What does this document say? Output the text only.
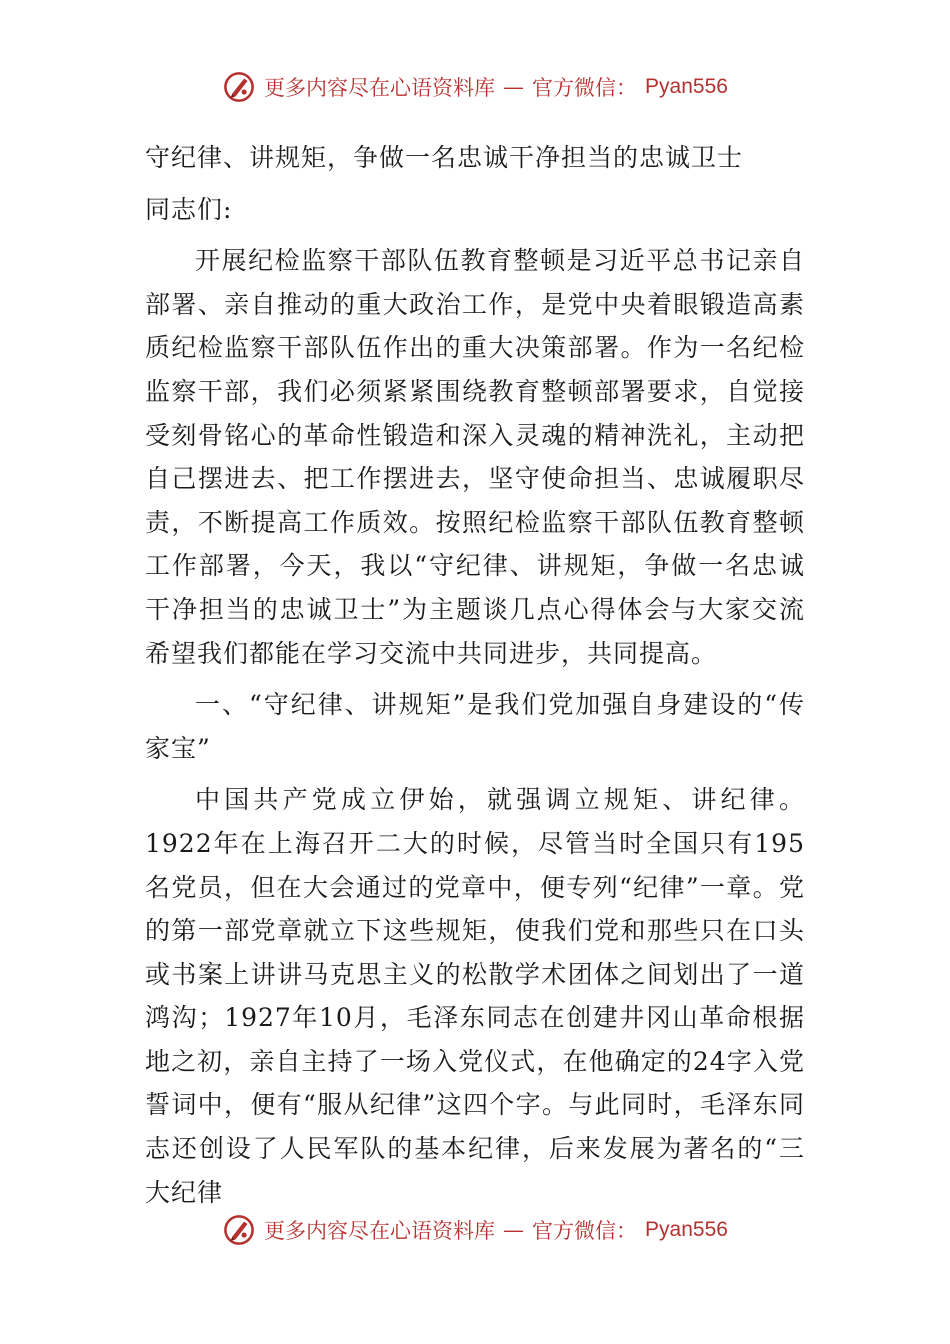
更多内容尽在心语资料库 — 官方微信： Pyan556

守纪律、讲规矩，争做一名忠诚干净担当的忠诚卫士

同志们:

开展纪检监察干部队伍教育整顿是习近平总书记亲自部署、亲自推动的重大政治工作，是党中央着眼锻造高素质纪检监察干部队伍作出的重大决策部署。作为一名纪检监察干部，我们必须紧紧围绕教育整顿部署要求，自觉接受刻骨铭心的革命性锻造和深入灵魂的精神洗礼，主动把自己摆进去、把工作摆进去，坚守使命担当、忠诚履职尽责，不断提高工作质效。按照纪检监察干部队伍教育整顿工作部署，今天，我以“守纪律、讲规矩，争做一名忠诚干净担当的忠诚卫士”为主题谈几点心得体会与大家交流希望我们都能在学习交流中共同进步，共同提高。

一、“守纪律、讲规矩”是我们党加强自身建设的“传家宝”

中国共产党成立伊始，就强调立规矩、讲纪律。1922年在上海召开二大的时候，尽管当时全国只有195名党员，但在大会通过的党章中，便专列“纪律”一章。党的第一部党章就立下这些规矩，使我们党和那些只在口头或书案上讲讲马克思主义的松散学术团体之间划出了一道鸿沟；1927年10月，毛泽东同志在创建井冈山革命根据地之初，亲自主持了一场入党仪式，在他确定的24字入党誓词中，便有“服从纪律”这四个字。与此同时，毛泽东同志还创设了人民军队的基本纪律，后来发展为著名的“三大纪律

更多内容尽在心语资料库 — 官方微信： Pyan556
